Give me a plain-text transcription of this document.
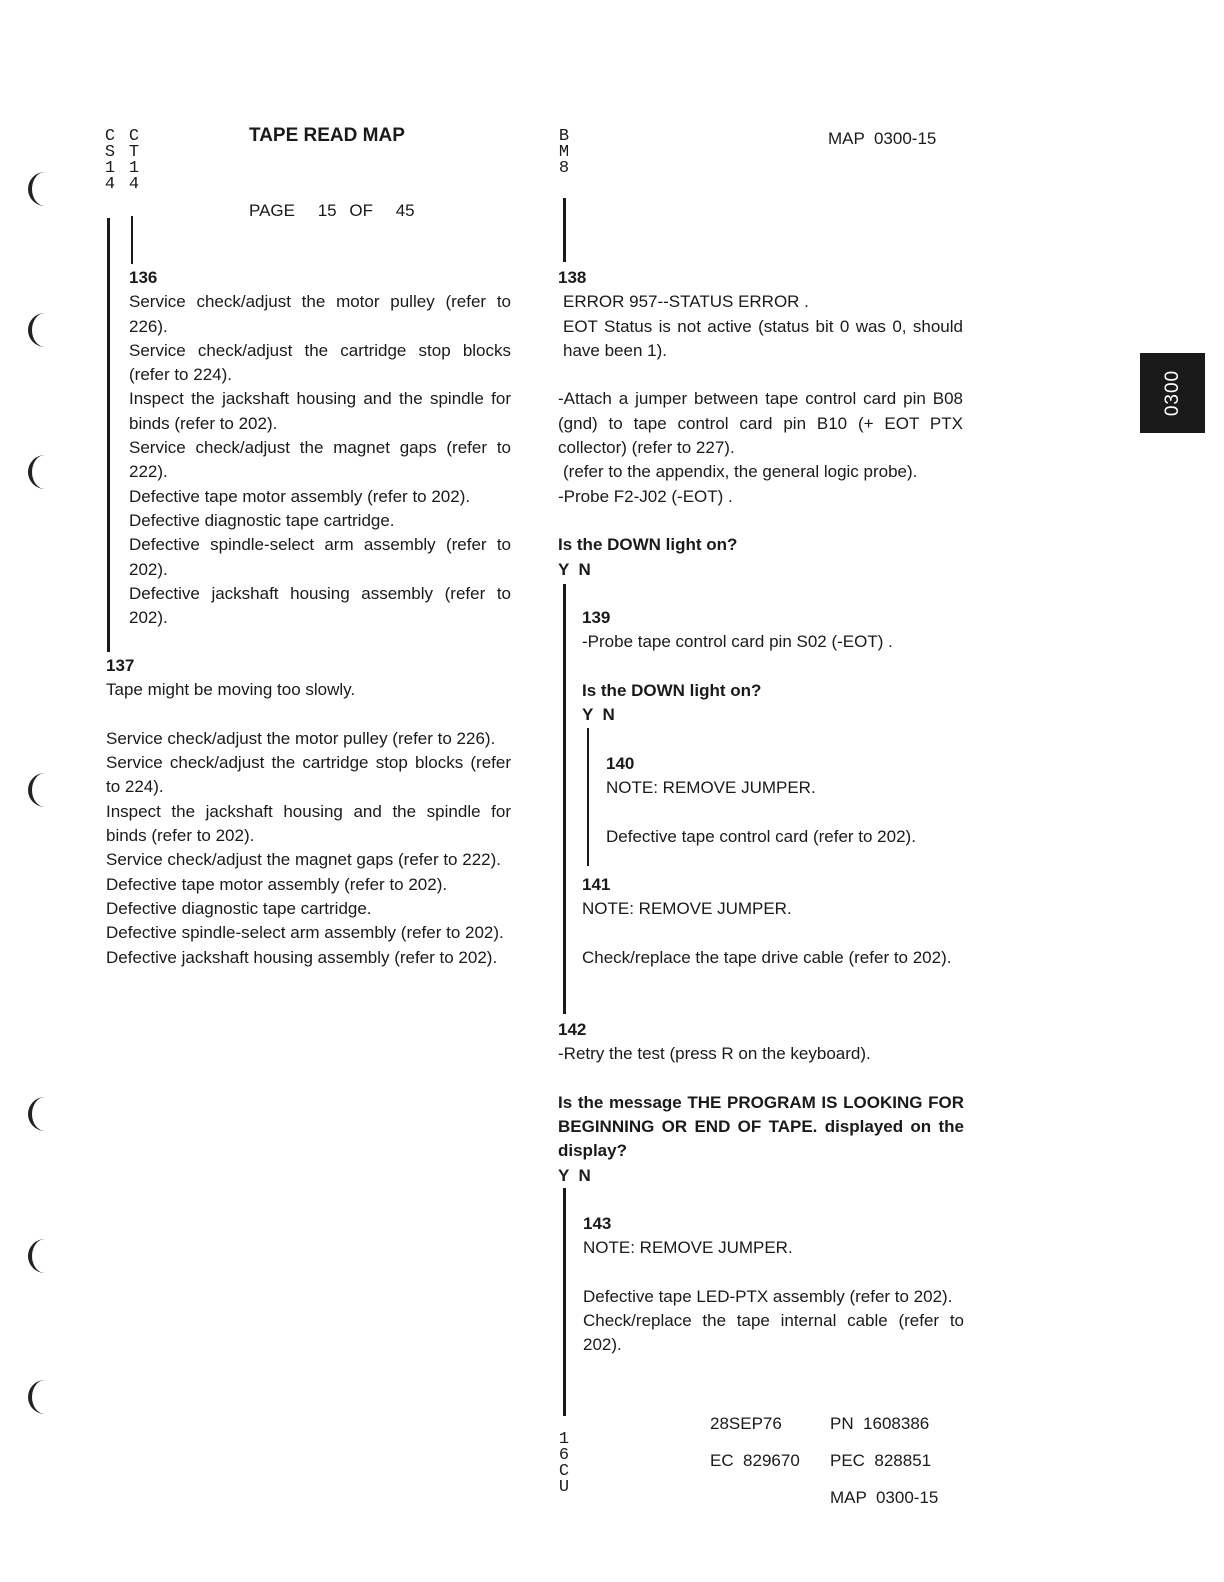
TAPE READ MAP
PAGE 15 OF 45
MAP  0300-15
C
S
1
4
C
T
1
4
B
M
8
1
6
C
U
0300
136

Service check/adjust the motor pulley (refer to 226).

Service check/adjust the cartridge stop blocks (refer to 224).

Inspect the jackshaft housing and the spindle for binds (refer to 202).

Service check/adjust the magnet gaps (refer to 222).

Defective tape motor assembly (refer to 202).

Defective diagnostic tape cartridge.

Defective spindle-select arm assembly (refer to 202).

Defective jackshaft housing assembly (refer to 202).

137

Tape might be moving too slowly.

Service check/adjust the motor pulley (refer to 226).

Service check/adjust the cartridge stop blocks (refer to 224).

Inspect the jackshaft housing and the spindle for binds (refer to 202).

Service check/adjust the magnet gaps (refer to 222).

Defective tape motor assembly (refer to 202).

Defective diagnostic tape cartridge.

Defective spindle-select arm assembly (refer to 202).

Defective jackshaft housing assembly (refer to 202).

138

ERROR 957--STATUS ERROR .

EOT Status is not active (status bit 0 was 0, should have been 1).

-Attach a jumper between tape control card pin B08 (gnd) to tape control card pin B10 (+ EOT PTX collector) (refer to 227).

(refer to the appendix, the general logic probe).

-Probe F2-J02 (-EOT) .

Is the DOWN light on?

Y  N

139

-Probe tape control card pin S02 (-EOT) .

Is the DOWN light on?

Y  N

140

NOTE: REMOVE JUMPER.

Defective tape control card (refer to 202).

141

NOTE: REMOVE JUMPER.

Check/replace the tape drive cable (refer to 202).

142

-Retry the test (press R on the keyboard).

Is the message THE PROGRAM IS LOOKING FOR BEGINNING OR END OF TAPE. displayed on the display?

Y  N

143

NOTE: REMOVE JUMPER.

Defective tape LED-PTX assembly (refer to 202).

Check/replace the tape internal cable (refer to 202).

28SEP76	PN  1608386
EC  829670 PEC  828851
MAP  0300-15
